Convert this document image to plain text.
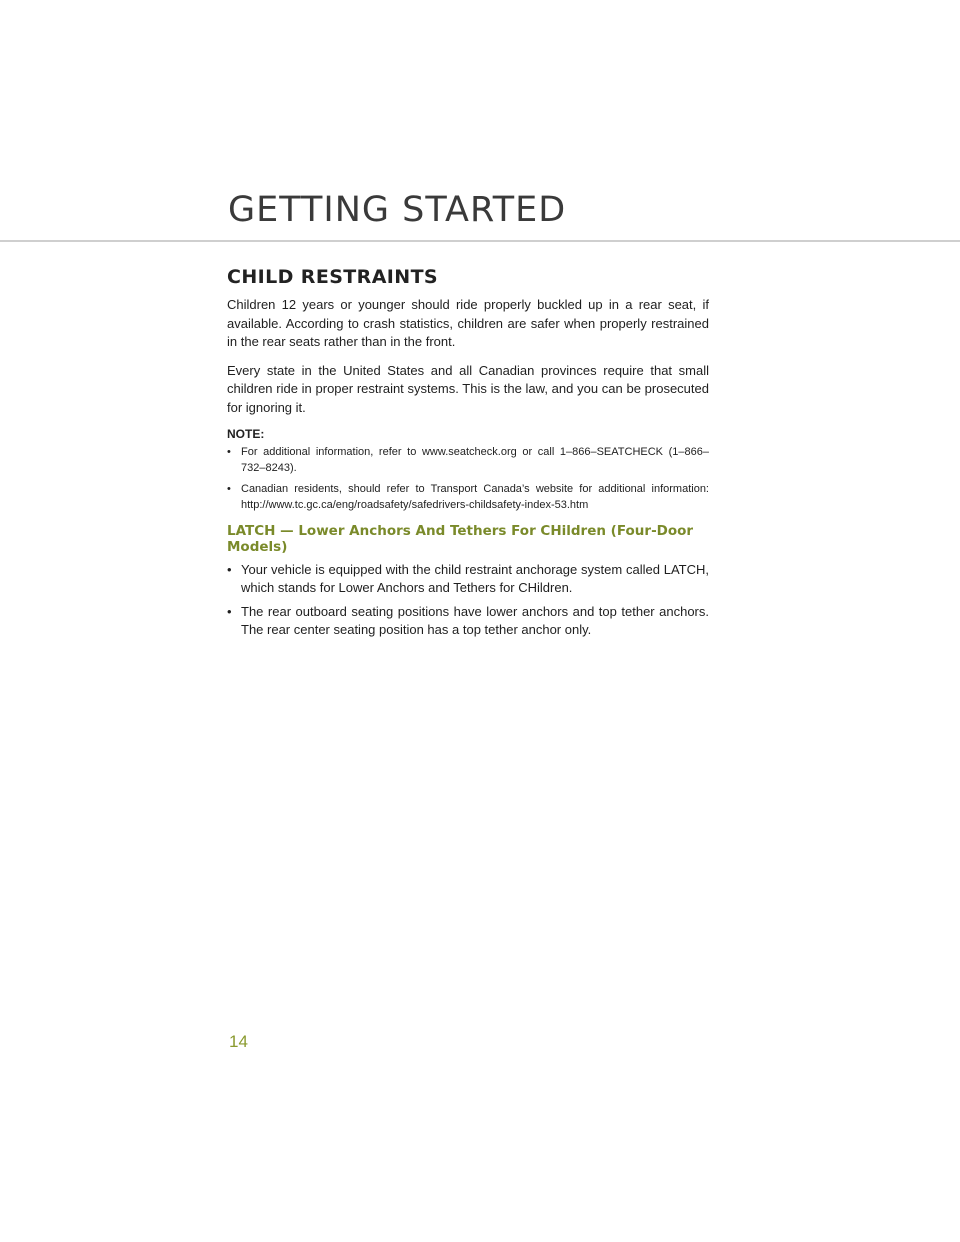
GETTING STARTED
CHILD RESTRAINTS

Children 12 years or younger should ride properly buckled up in a rear seat, if available. According to crash statistics, children are safer when properly restrained in the rear seats rather than in the front.

Every state in the United States and all Canadian provinces require that small children ride in proper restraint systems. This is the law, and you can be prosecuted for ignoring it.

NOTE:
• For additional information, refer to www.seatcheck.org or call 1–866–SEATCHECK (1–866–732–8243).
• Canadian residents, should refer to Transport Canada’s website for additional information: http://www.tc.gc.ca/eng/roadsafety/safedrivers-childsafety-index-53.htm
LATCH — Lower Anchors And Tethers For CHildren (Four-Door Models)
• Your vehicle is equipped with the child restraint anchorage system called LATCH, which stands for Lower Anchors and Tethers for CHildren.
• The rear outboard seating positions have lower anchors and top tether anchors. The rear center seating position has a top tether anchor only.
14
